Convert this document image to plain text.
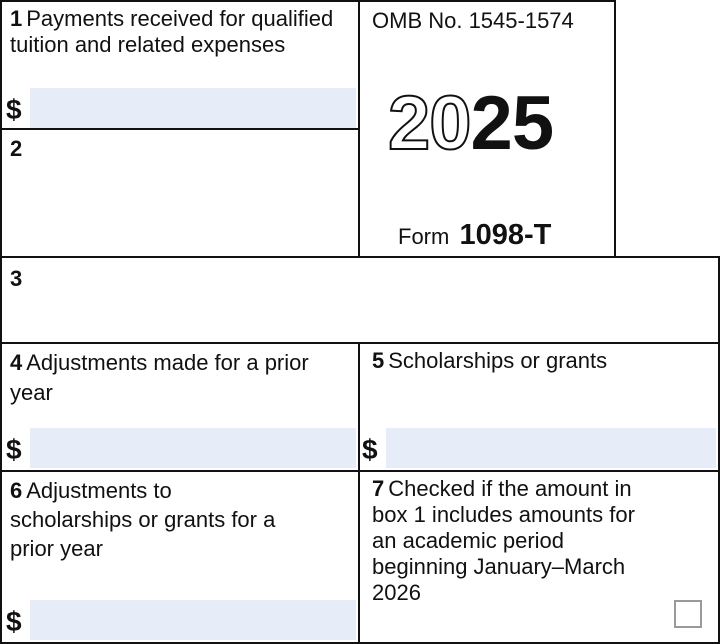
1 Payments received for qualified tuition and related expenses
$
2
OMB No. 1545-1574
2025
Form 1098-T
3
4 Adjustments made for a prior year
$
5 Scholarships or grants
$
6 Adjustments to scholarships or grants for a prior year
$
7 Checked if the amount in box 1 includes amounts for an academic period beginning January–March 2026
